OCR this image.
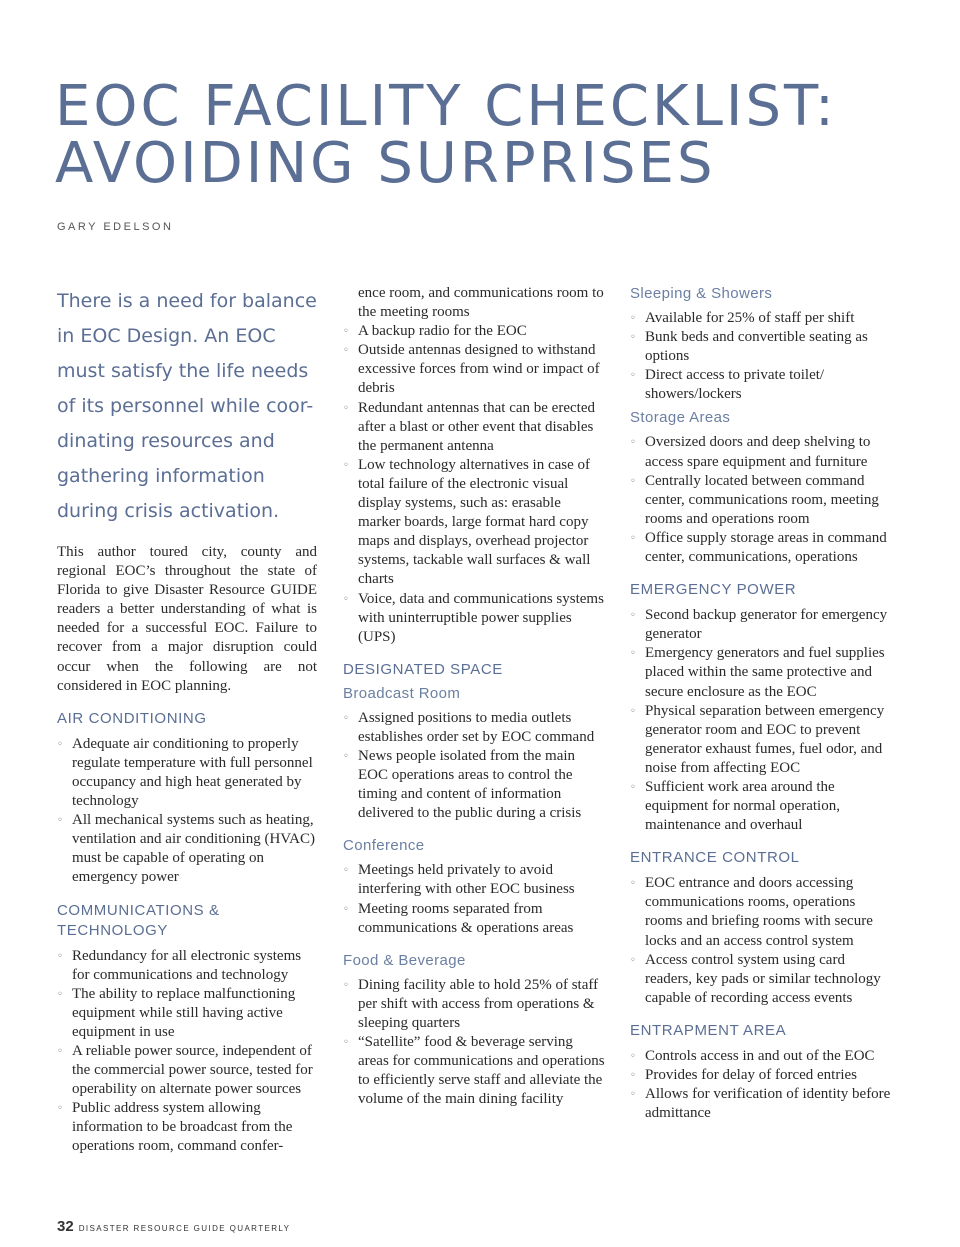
EOC FACILITY CHECKLIST:
AVOIDING SURPRISES

GARY EDELSON

There is a need for balance
in EOC Design. An EOC
must satisfy the life needs
of its personnel while coor-
dinating resources and
gathering information
during crisis activation.

This author toured city, county and regional EOC’s throughout the state of Florida to give Disaster Resource GUIDE readers a better understanding of what is needed for a successful EOC. Failure to recover from a major disruption could occur when the following are not considered in EOC planning.

AIR CONDITIONING
◦ Adequate air conditioning to properly regulate temperature with full personnel occupancy and high heat generated by technology
◦ All mechanical systems such as heating, ventilation and air conditioning (HVAC) must be capable of operating on emergency power
COMMUNICATIONS & TECHNOLOGY
◦ Redundancy for all electronic systems for communications and technology
◦ The ability to replace malfunctioning equipment while still having active equipment in use
◦ A reliable power source, independent of the commercial power source, tested for operability on alternate power sources
◦ Public address system allowing information to be broadcast from the operations room, command confer-

ence room, and communications room to the meeting rooms

◦ A backup radio for the EOC
◦ Outside antennas designed to withstand excessive forces from wind or impact of debris
◦ Redundant antennas that can be erected after a blast or other event that disables the permanent antenna
◦ Low technology alternatives in case of total failure of the electronic visual display systems, such as: erasable marker boards, large format hard copy maps and displays, overhead projector systems, tackable wall surfaces & wall charts
◦ Voice, data and communications systems with uninterruptible power supplies (UPS)
DESIGNATED SPACE
Broadcast Room
◦ Assigned positions to media outlets establishes order set by EOC command
◦ News people isolated from the main EOC operations areas to control the timing and content of information delivered to the public during a crisis
Conference
◦ Meetings held privately to avoid interfering with other EOC business
◦ Meeting rooms separated from communications & operations areas
Food & Beverage
◦ Dining facility able to hold 25% of staff per shift with access from operations & sleeping quarters
◦ “Satellite” food & beverage serving areas for communications and operations to efficiently serve staff and alleviate the volume of the main dining facility
Sleeping & Showers
◦ Available for 25% of staff per shift
◦ Bunk beds and convertible seating as options
◦ Direct access to private toilet/ showers/lockers
Storage Areas
◦ Oversized doors and deep shelving to access spare equipment and furniture
◦ Centrally located between command center, communications room, meeting rooms and operations room
◦ Office supply storage areas in command center, communications, operations
EMERGENCY POWER
◦ Second backup generator for emergency generator
◦ Emergency generators and fuel supplies placed within the same protective and secure enclosure as the EOC
◦ Physical separation between emergency generator room and EOC to prevent generator exhaust fumes, fuel odor, and noise from affecting EOC
◦ Sufficient work area around the equipment for normal operation, maintenance and overhaul
ENTRANCE CONTROL
◦ EOC entrance and doors accessing communications rooms, operations rooms and briefing rooms with secure locks and an access control system
◦ Access control system using card readers, key pads or similar technology capable of recording access events
ENTRAPMENT AREA
◦ Controls access in and out of the EOC
◦ Provides for delay of forced entries
◦ Allows for verification of identity before admittance

32 DISASTER RESOURCE GUIDE QUARTERLY
